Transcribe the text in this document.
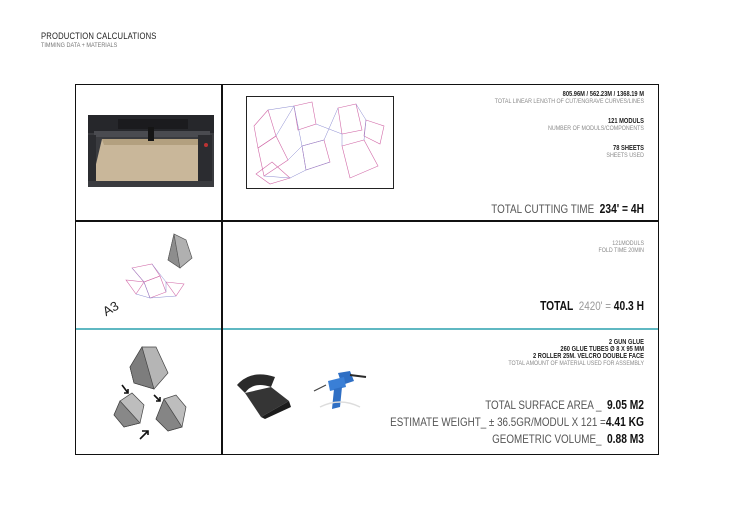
PRODUCTION CALCULATIONS
TIMMING DATA + MATERIALS
805.96M / 562.23M / 1368.19 M
TOTAL LINEAR LENGTH OF CUT/ENGRAVE CURVES/LINES
121 MODULS
NUMBER OF MODULS/COMPONENTS
78 SHEETS
SHEETS USED
TOTAL CUTTING TIME 234' = 4H
A3
121MODULS
FOLD TIME 20MIN
TOTAL 2420' = 40.3 H
2 GUN GLUE
260 GLUE TUBES Ø 8 X 95 MM
2 ROLLER 25M. VELCRO DOUBLE FACE
TOTAL AMOUNT OF MATERIAL USED FOR ASSEMBLY
TOTAL SURFACE AREA _ 9.05 M2
ESTIMATE WEIGHT_ ± 36.5GR/MODUL X 121 =4.41 KG
GEOMETRIC VOLUME_ 0.88 M3
